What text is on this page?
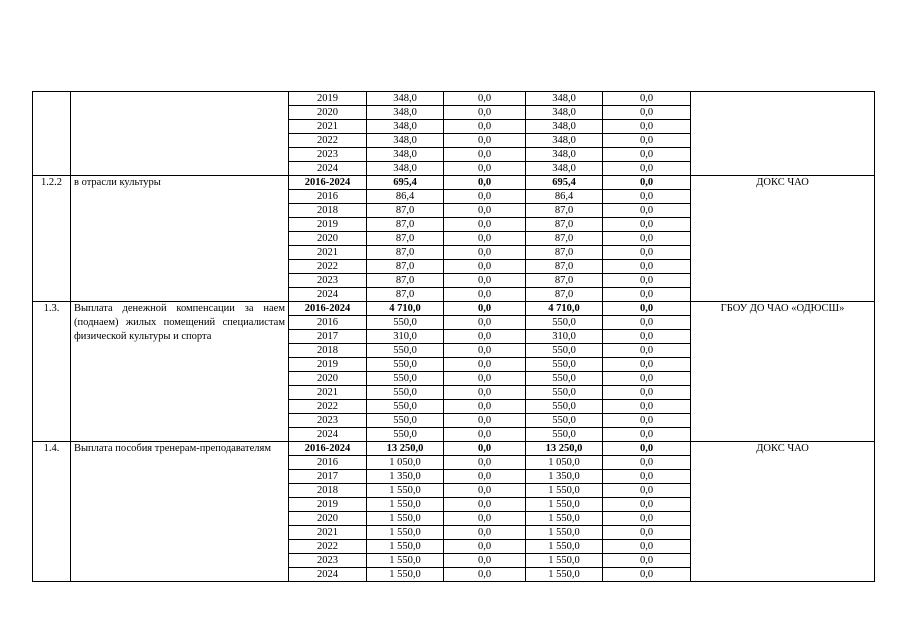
		2019	348,0	0,0	348,0	0,0	
		2020	348,0	0,0	348,0	0,0	
		2021	348,0	0,0	348,0	0,0	
		2022	348,0	0,0	348,0	0,0	
		2023	348,0	0,0	348,0	0,0	
		2024	348,0	0,0	348,0	0,0	
1.2.2	в отрасли культуры	2016-2024	695,4	0,0	695,4	0,0	ДОКС ЧАО
		2016	86,4	0,0	86,4	0,0	
		2018	87,0	0,0	87,0	0,0	
		2019	87,0	0,0	87,0	0,0	
		2020	87,0	0,0	87,0	0,0	
		2021	87,0	0,0	87,0	0,0	
		2022	87,0	0,0	87,0	0,0	
		2023	87,0	0,0	87,0	0,0	
		2024	87,0	0,0	87,0	0,0	
1.3.	Выплата денежной компенсации за наем (поднаем) жилых помещений специалистам физической культуры и спорта	2016-2024	4 710,0	0,0	4 710,0	0,0	ГБОУ ДО ЧАО «ОДЮСШ»
		2016	550,0	0,0	550,0	0,0	
		2017	310,0	0,0	310,0	0,0	
		2018	550,0	0,0	550,0	0,0	
		2019	550,0	0,0	550,0	0,0	
		2020	550,0	0,0	550,0	0,0	
		2021	550,0	0,0	550,0	0,0	
		2022	550,0	0,0	550,0	0,0	
		2023	550,0	0,0	550,0	0,0	
		2024	550,0	0,0	550,0	0,0	
1.4.	Выплата пособия тренерам-преподавателям	2016-2024	13 250,0	0,0	13 250,0	0,0	ДОКС ЧАО
		2016	1 050,0	0,0	1 050,0	0,0	
		2017	1 350,0	0,0	1 350,0	0,0	
		2018	1 550,0	0,0	1 550,0	0,0	
		2019	1 550,0	0,0	1 550,0	0,0	
		2020	1 550,0	0,0	1 550,0	0,0	
		2021	1 550,0	0,0	1 550,0	0,0	
		2022	1 550,0	0,0	1 550,0	0,0	
		2023	1 550,0	0,0	1 550,0	0,0	
		2024	1 550,0	0,0	1 550,0	0,0	
